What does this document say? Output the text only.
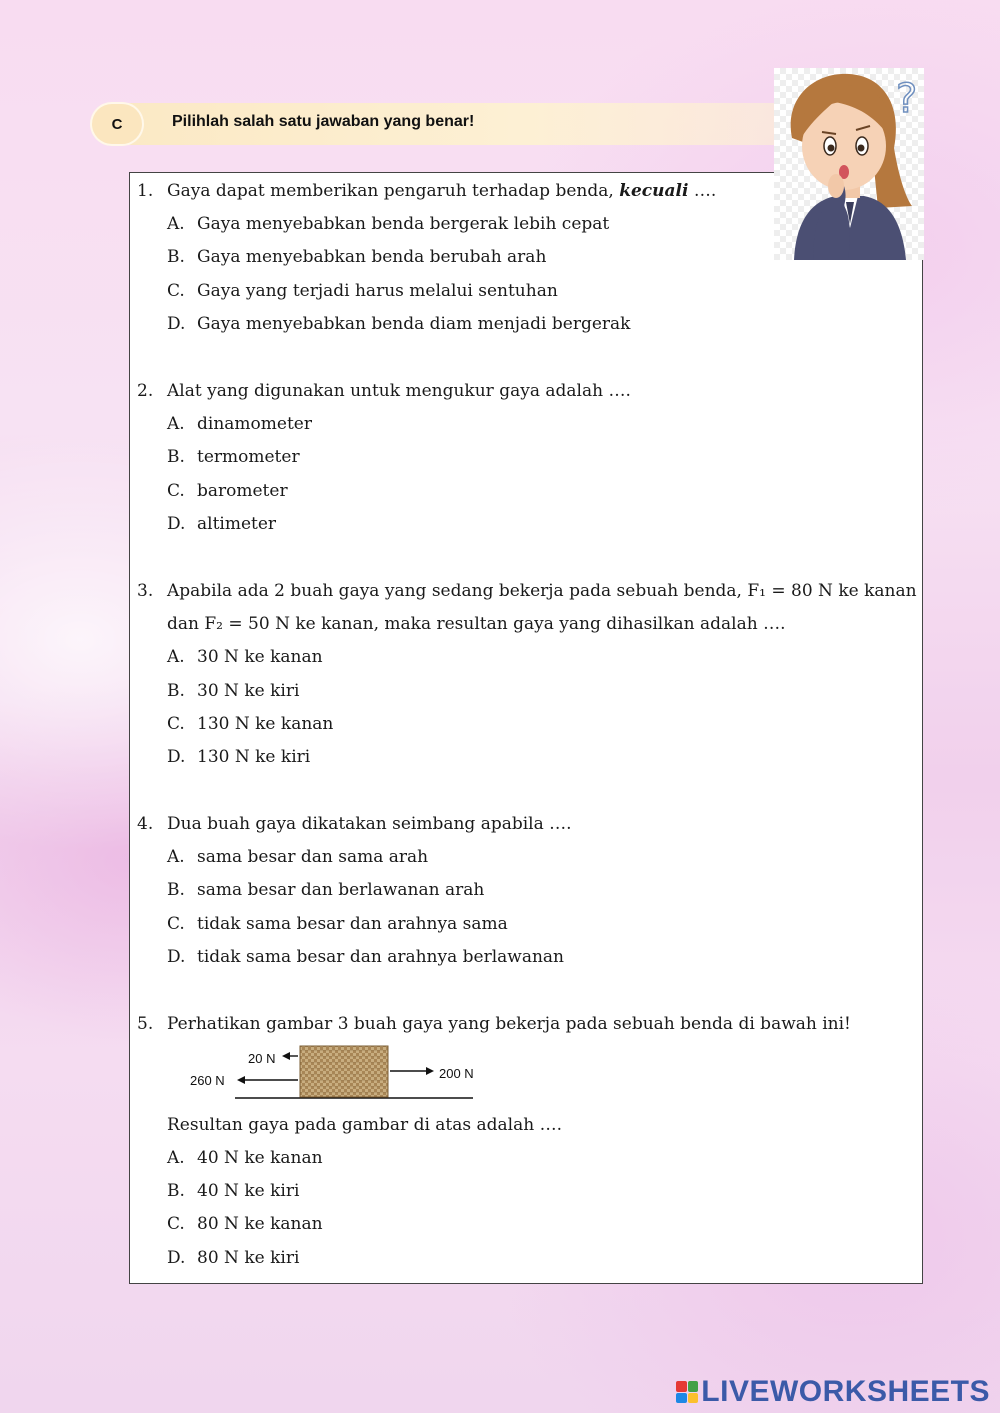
C	Pilihlah salah satu jawaban yang benar!
1. Gaya dapat memberikan pengaruh terhadap benda, kecuali ….
A. Gaya menyebabkan benda bergerak lebih cepat
B. Gaya menyebabkan benda berubah arah
C. Gaya yang terjadi harus melalui sentuhan
D. Gaya menyebabkan benda diam menjadi bergerak
2. Alat yang digunakan untuk mengukur gaya adalah ….
A. dinamometer
B. termometer
C. barometer
D. altimeter
3. Apabila ada 2 buah gaya yang sedang bekerja pada sebuah benda, F₁ = 80 N ke kanan
dan F₂ = 50 N ke kanan, maka resultan gaya yang dihasilkan adalah ….
A. 30 N ke kanan
B. 30 N ke kiri
C. 130 N ke kanan
D. 130 N ke kiri
4. Dua buah gaya dikatakan seimbang apabila ….
A. sama besar dan sama arah
B. sama besar dan berlawanan arah
C. tidak sama besar dan arahnya sama
D. tidak sama besar dan arahnya berlawanan
5. Perhatikan gambar 3 buah gaya yang bekerja pada sebuah benda di bawah ini!
Resultan gaya pada gambar di atas adalah ….
A. 40 N ke kanan
B. 40 N ke kiri
C. 80 N ke kanan
D. 80 N ke kiri
20 N
260 N	200 N
?
LIVEWORKSHEETS
